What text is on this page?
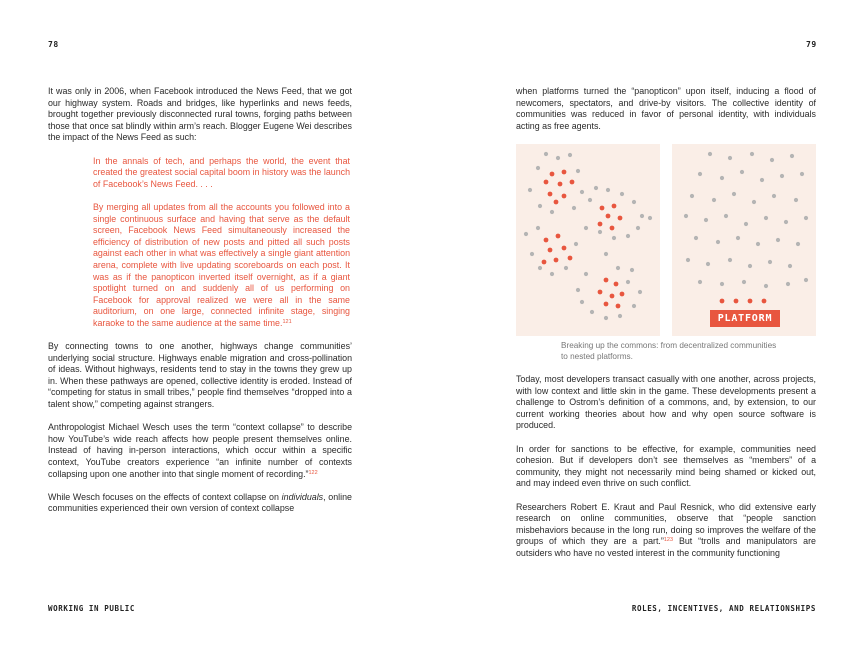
78	79

It was only in 2006, when Facebook introduced the News Feed, that we got our highway system. Roads and bridges, like hyperlinks and news feeds, brought together previously disconnected rural towns, forging paths between those that once sat blindly within arm’s reach. Blogger Eugene Wei describes the impact of the News Feed as such:

In the annals of tech, and perhaps the world, the event that created the greatest social capital boom in history was the launch of Facebook’s News Feed. . . .

By merging all updates from all the accounts you followed into a single continuous surface and having that serve as the default screen, Facebook News Feed simultaneously increased the efficiency of distribution of new posts and pitted all such posts against each other in what was effectively a single giant attention arena, complete with live updating scoreboards on each post. It was as if the panopticon inverted itself overnight, as if a giant spotlight turned on and suddenly all of us performing on Facebook for approval realized we were all in the same auditorium, on one large, connected infinite stage, singing karaoke to the same audience at the same time.$^{121}$

By connecting towns to one another, highways change communities’ underlying social structure. Highways enable migration and cross-pollination of ideas. Without highways, residents tend to stay in the towns they grew up in. When these pathways are opened, collective identity is eroded. Instead of “competing for status in small tribes,” people find themselves “dropped into a talent show,” competing against strangers.

Anthropologist Michael Wesch uses the term “context collapse” to describe how YouTube’s wide reach affects how people present themselves online. Instead of having in-person interactions, which occur within a specific context, YouTube creators experience “an infinite number of contexts collapsing upon one another into that single moment of recording.”$^{122}$

While Wesch focuses on the effects of context collapse on individuals, online communities experienced their own version of context collapse

when platforms turned the “panopticon” upon itself, inducing a flood of newcomers, spectators, and drive-by visitors. The collective identity of communities was reduced in favor of personal identity, with individuals acting as free agents.

PLATFORM
Breaking up the commons: from decentralized communities to nested platforms.

Today, most developers transact casually with one another, across projects, with low context and little skin in the game. These developments present a challenge to Ostrom’s definition of a commons, and, by extension, to our current working theories about how and why open source software is produced.

In order for sanctions to be effective, for example, communities need cohesion. But if developers don’t see themselves as “members” of a community, they might not necessarily mind being shamed or kicked out, and may indeed even thrive on such conflict.

Researchers Robert E. Kraut and Paul Resnick, who did extensive early research on online communities, observe that “people sanction misbehaviors because in the long run, doing so improves the welfare of the groups of which they are a part.”$^{123}$ But “trolls and manipulators are outsiders who have no vested interest in the community functioning

WORKING IN PUBLIC	ROLES, INCENTIVES, AND RELATIONSHIPS
